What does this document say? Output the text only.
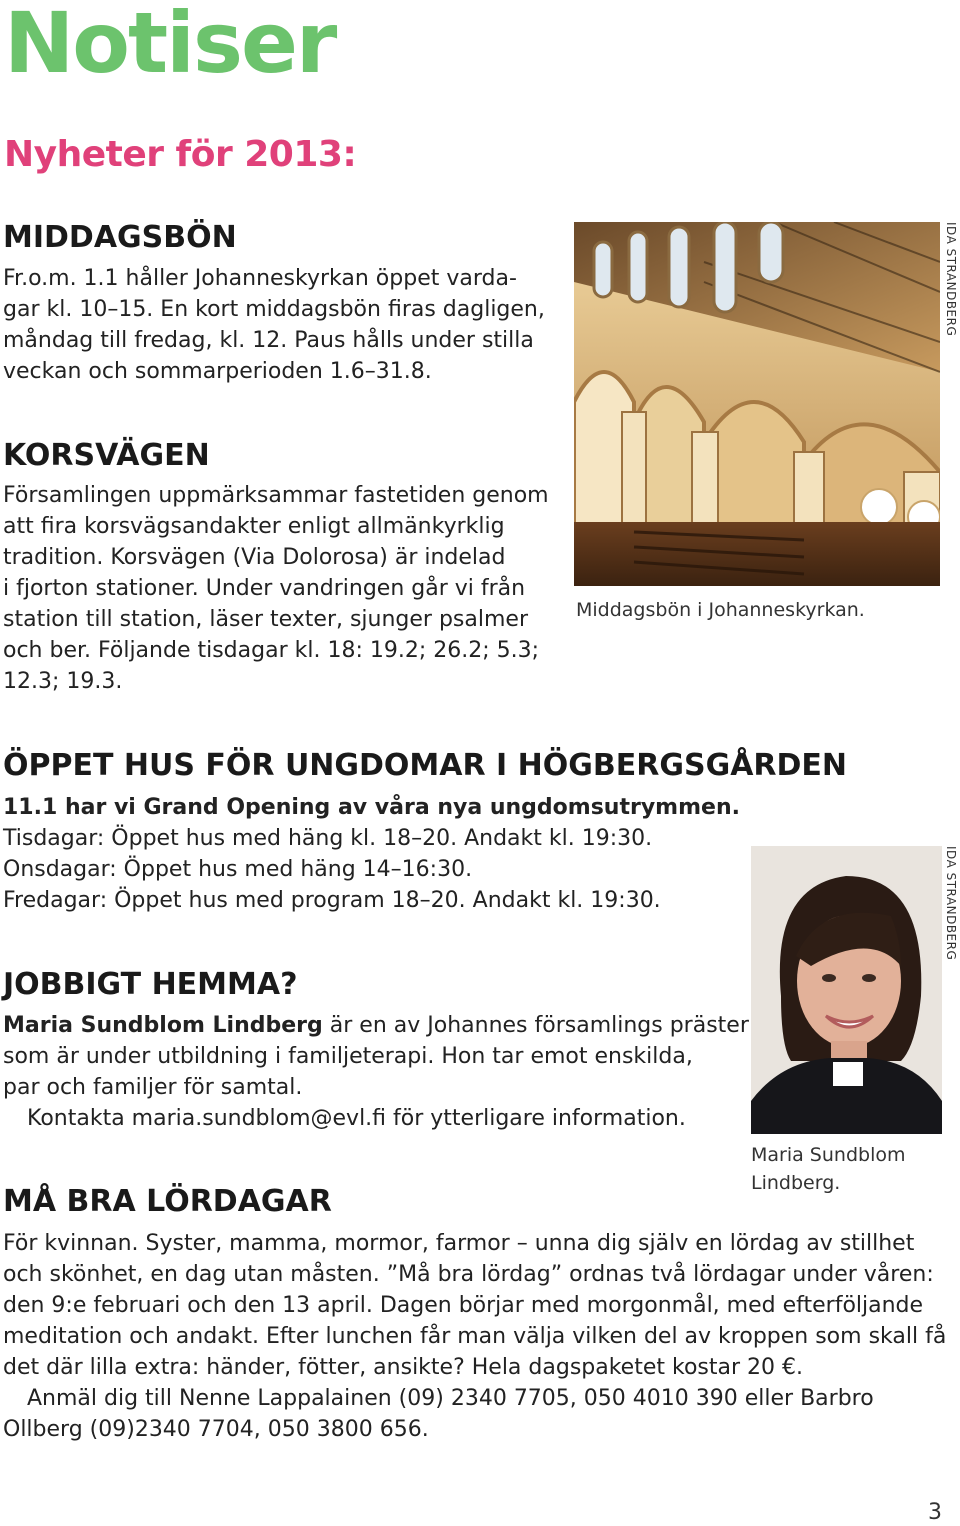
Notiser
Nyheter för 2013:
MIDDAGSBÖN

Fr.o.m. 1.1 håller Johanneskyrkan öppet varda-
gar kl. 10–15. En kort middagsbön firas dagligen,
måndag till fredag, kl. 12. Paus hålls under stilla
veckan och sommarperioden 1.6–31.8.

KORSVÄGEN

Församlingen uppmärksammar fastetiden genom
att fira korsvägsandakter enligt allmänkyrklig
tradition. Korsvägen (Via Dolorosa) är indelad
i fjorton stationer. Under vandringen går vi från
station till station, läser texter, sjunger psalmer
och ber. Följande tisdagar kl. 18: 19.2; 26.2; 5.3;
12.3; 19.3.

IDA STRANDBERG
Middagsbön i Johanneskyrkan.
ÖPPET HUS FÖR UNGDOMAR I HÖGBERGSGÅRDEN

11.1 har vi Grand Opening av våra nya ungdomsutrymmen.
Tisdagar: Öppet hus med häng kl. 18–20. Andakt kl. 19:30.
Onsdagar: Öppet hus med häng 14–16:30.
Fredagar: Öppet hus med program 18–20. Andakt kl. 19:30.

JOBBIGT HEMMA?

Maria Sundblom Lindberg är en av Johannes församlings präster
som är under utbildning i familjeterapi. Hon tar emot enskilda,
par och familjer för samtal.
Kontakta maria.sundblom@evl.fi för ytterligare information.

IDA STRANDBERG
Maria Sundblom
Lindberg.
MÅ BRA LÖRDAGAR

För kvinnan. Syster, mamma, mormor, farmor – unna dig själv en lördag av stillhet
och skönhet, en dag utan måsten. ”Må bra lördag” ordnas två lördagar under våren:
den 9:e februari och den 13 april. Dagen börjar med morgonmål, med efterföljande
meditation och andakt. Efter lunchen får man välja vilken del av kroppen som skall få
det där lilla extra: händer, fötter, ansikte? Hela dagspaketet kostar 20 €.
Anmäl dig till Nenne Lappalainen (09) 2340 7705, 050 4010 390 eller Barbro
Ollberg (09)2340 7704, 050 3800 656.

3
